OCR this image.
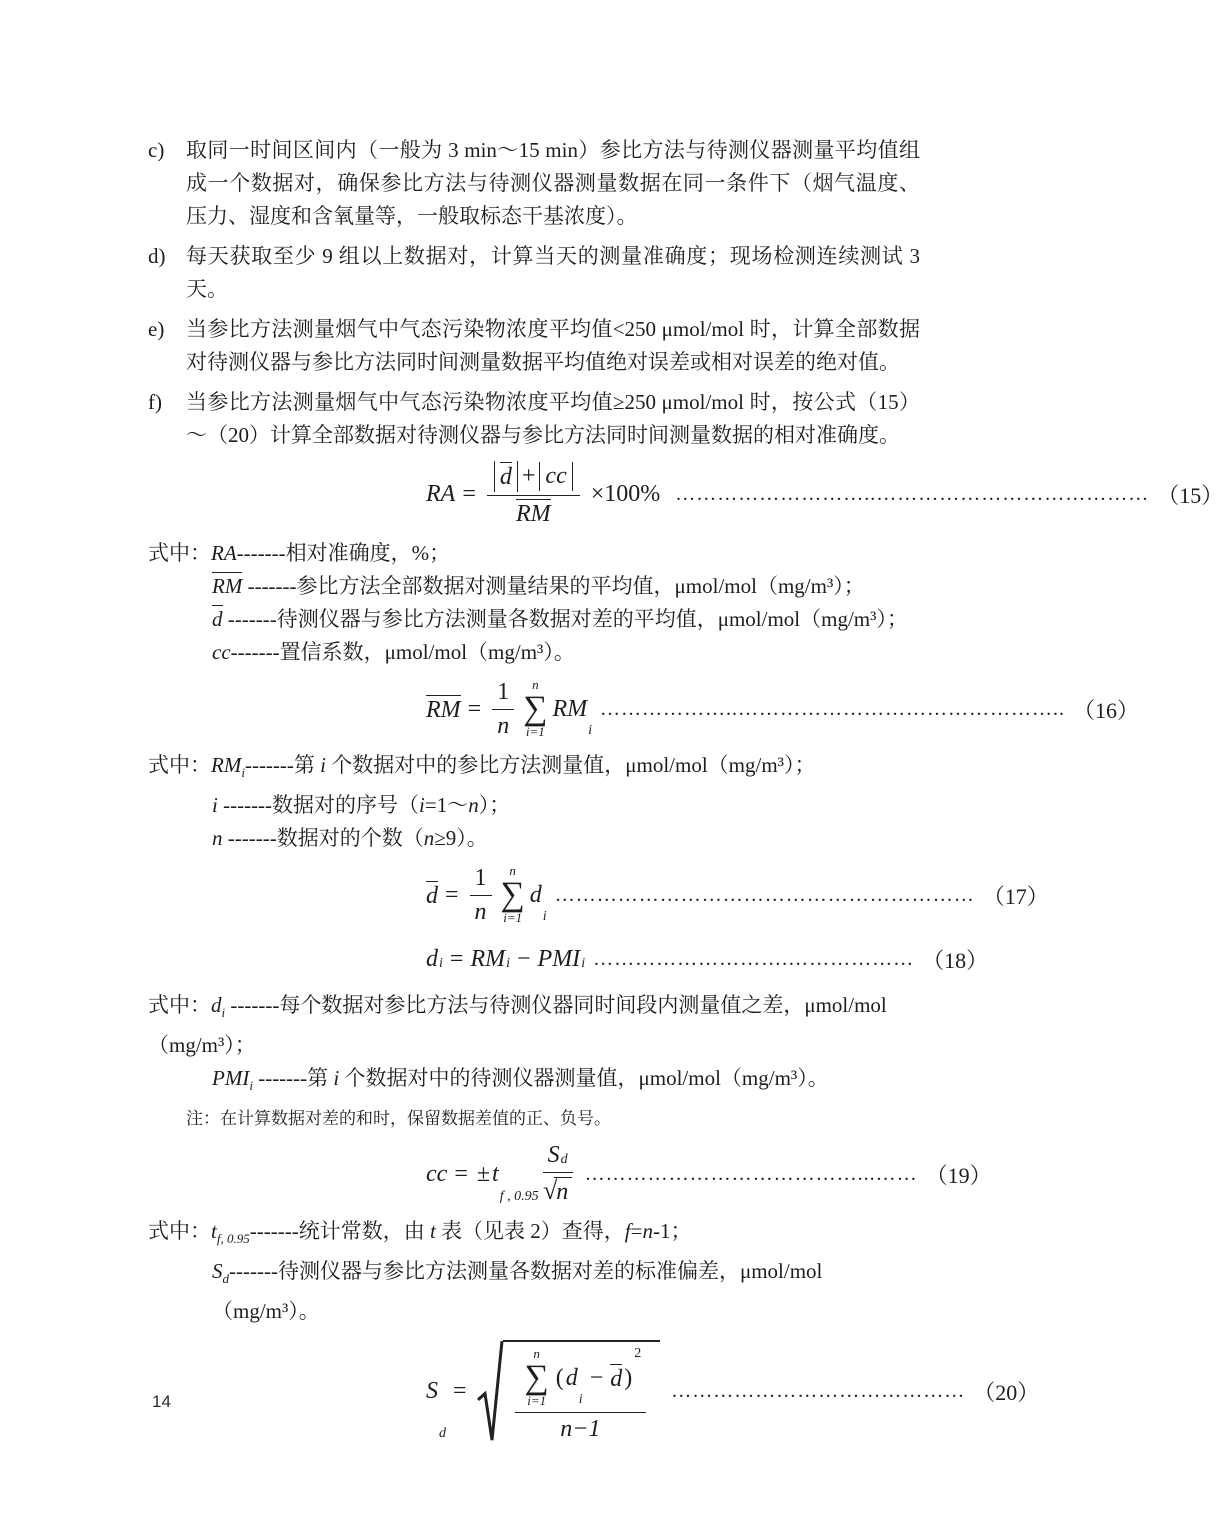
c)	取同一时间区间内（一般为 3 min～15 min）参比方法与待测仪器测量平均值组成一个数据对，确保参比方法与待测仪器测量数据在同一条件下（烟气温度、压力、湿度和含氧量等，一般取标态干基浓度）。
d) 每天获取至少 9 组以上数据对，计算当天的测量准确度；现场检测连续测试 3 天。
e)	当参比方法测量烟气中气态污染物浓度平均值<250 μmol/mol 时，计算全部数据对待测仪器与参比方法同时间测量数据平均值绝对误差或相对误差的绝对值。
f)	当参比方法测量烟气中气态污染物浓度平均值≥250 μmol/mol 时，按公式（15）～（20）计算全部数据对待测仪器与参比方法同时间测量数据的相对准确度。
RA = $\frac{d + cc}{RM} \times 100\%$ ………………………..………………………………… （15）
式中：RA-------相对准确度，%；
RM -------参比方法全部数据对测量结果的平均值，μmol/mol（mg/m³）；
d -------待测仪器与参比方法测量各数据对差的平均值，μmol/mol（mg/m³）；
cc-------置信系数，μmol/mol（mg/m³）。
RM = $\frac{1}{n}$ n
∑
i=1
RM
i
………………..……………………………………….. （16）
式中：$RM_i-------$第 i 个数据对中的参比方法测量值，μmol/mol（mg/m³）；
i -------数据对的序号（i=1～n）；
n -------数据对的个数（n≥9）。
$d = \frac{1}{n}$ n
∑
i=1
d
i
…………………………………………………… （17）
d i = RM i − PMI i ……………………….……………… （18）
式中：$d_i$ -------每个数据对参比方法与待测仪器同时间段内测量值之差，μmol/mol（mg/m³）；
$PMI_i$ -------第 i 个数据对中的待测仪器测量值，μmol/mol（mg/m³）。
注：在计算数据对差的和时，保留数据差值的正、负号。
cc = ± t
f , $0.95 \frac{\text{S d}}{√ n}$ …………………………………...…… （19）
式中：$t_{f, 0.95}-------$统计常数，由 t 表（见表 2）查得，f=n-1；
$S_d-------$待测仪器与参比方法测量各数据对差的标准偏差，μmol/mol（mg/m³）。
S
d
=
n
∑
i=1
( d
i
− d )
2
n−1
…………………………………… （20）
14
